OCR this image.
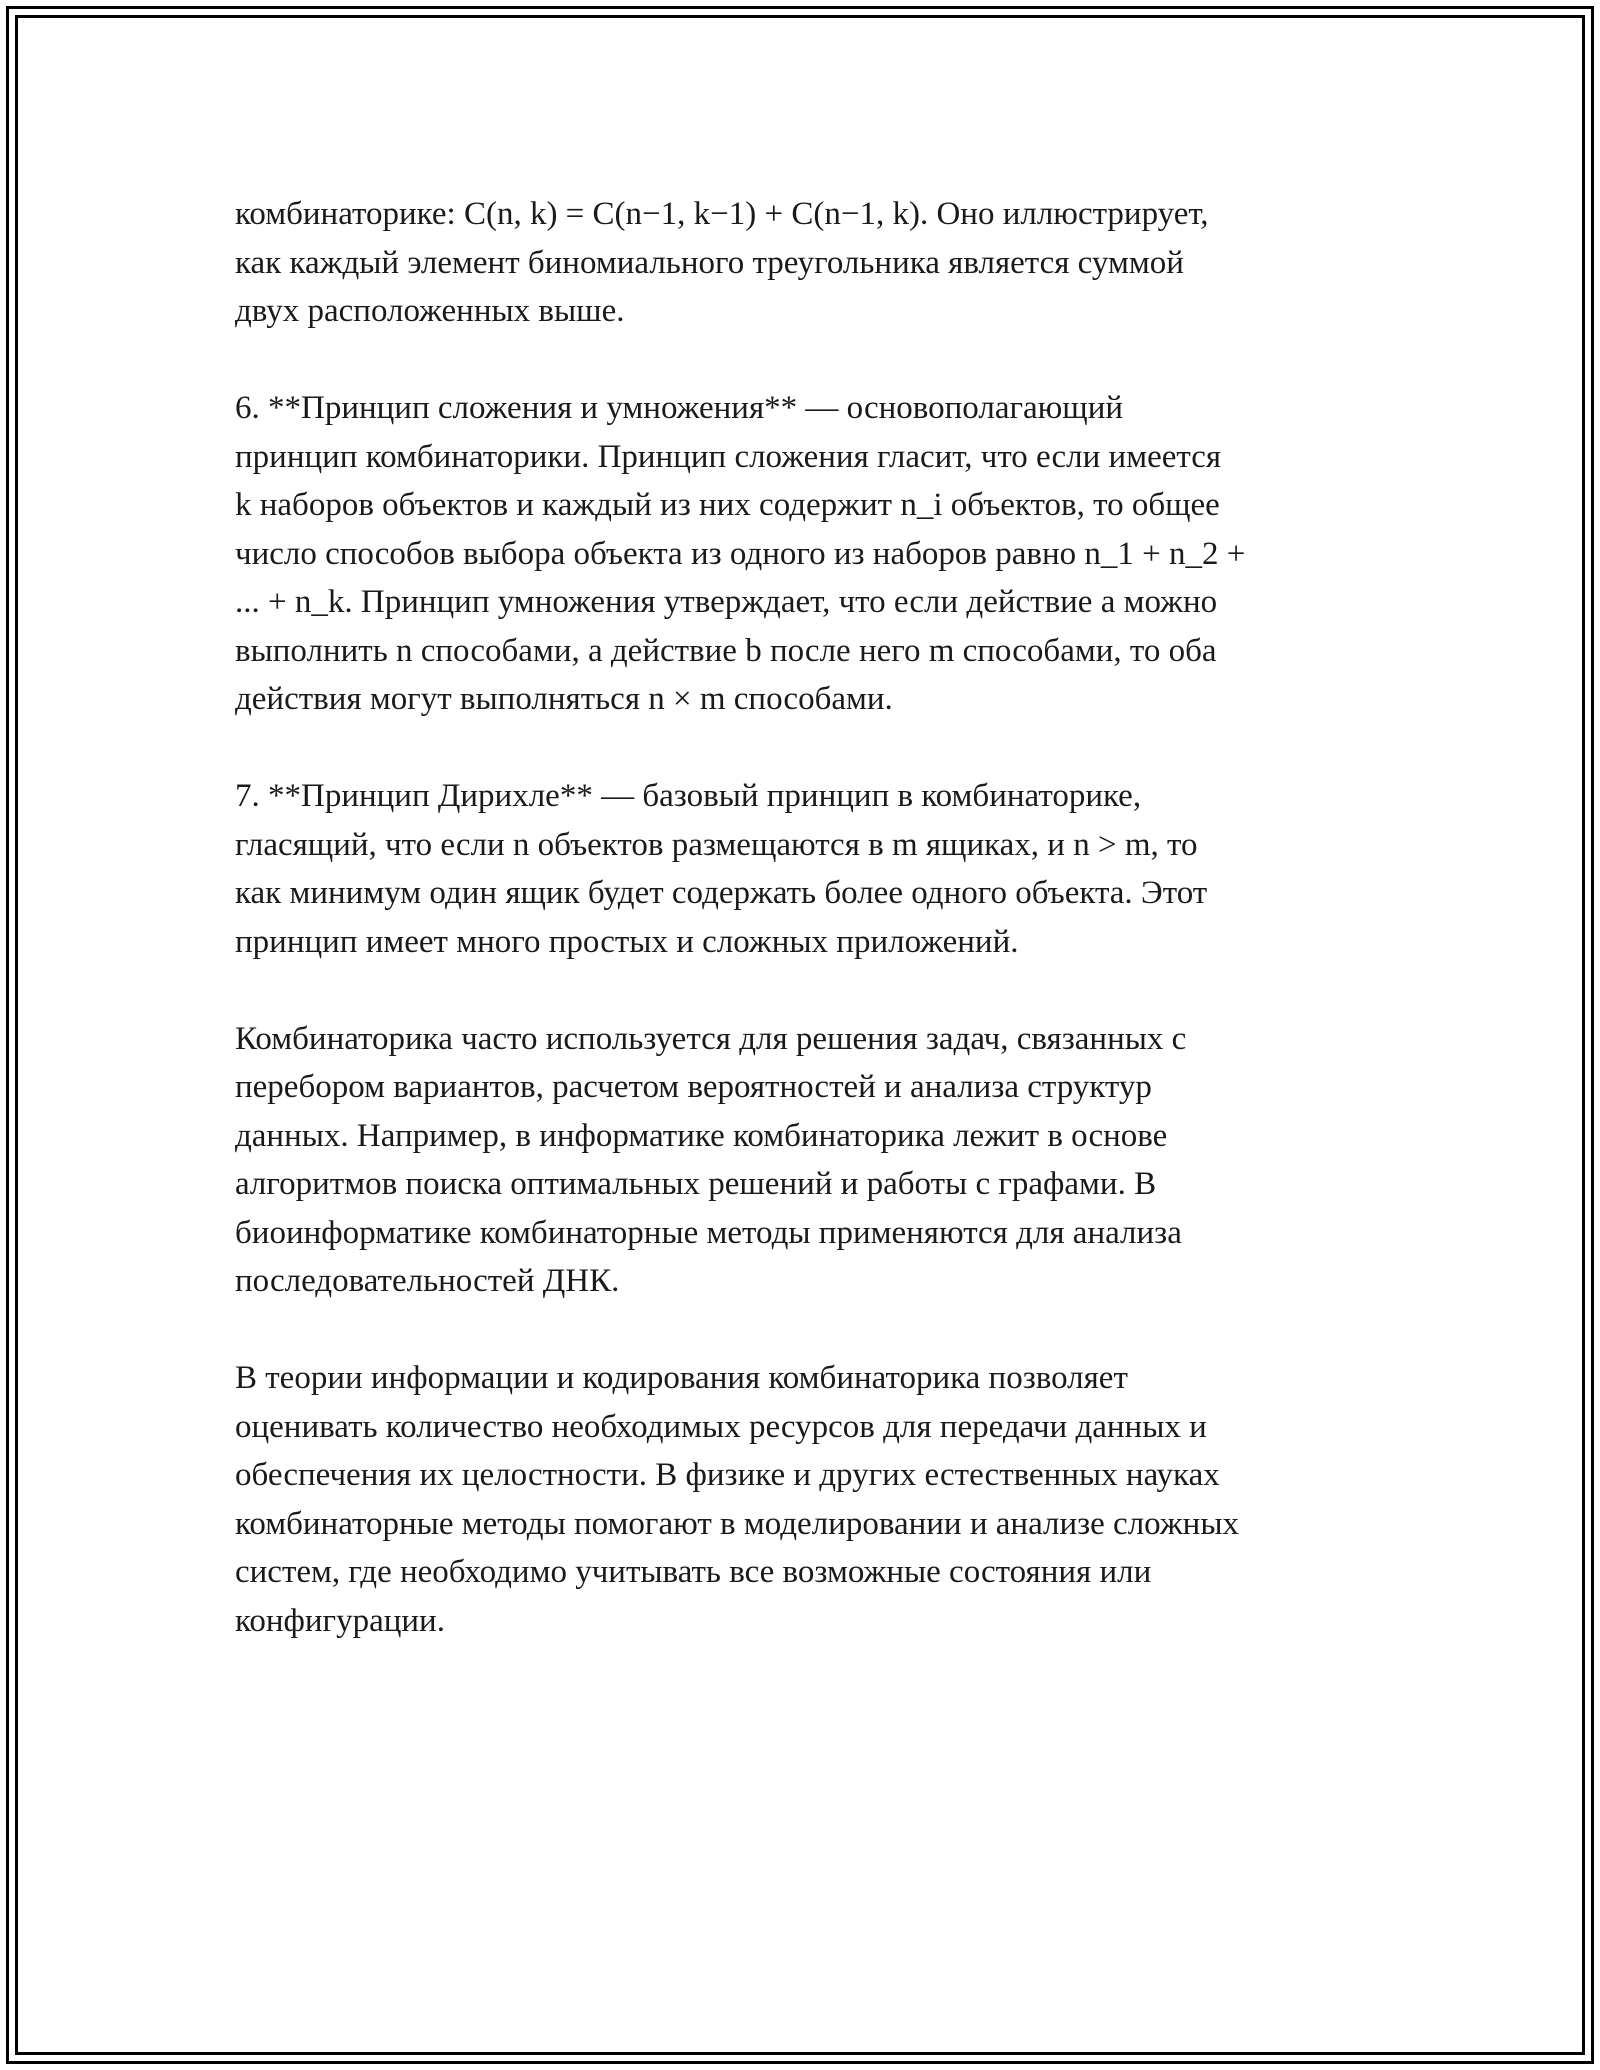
комбинаторике: C(n, k) = C(n−1, k−1) + C(n−1, k). Оно иллюстрирует,
как каждый элемент биномиального треугольника является суммой
двух расположенных выше.

6. **Принцип сложения и умножения** — основополагающий
принцип комбинаторики. Принцип сложения гласит, что если имеется
k наборов объектов и каждый из них содержит n_i объектов, то общее
число способов выбора объекта из одного из наборов равно n_1 + n_2 +
... + n_k. Принцип умножения утверждает, что если действие a можно
выполнить n способами, а действие b после него m способами, то оба
действия могут выполняться n × m способами.

7. **Принцип Дирихле** — базовый принцип в комбинаторике,
гласящий, что если n объектов размещаются в m ящиках, и n > m, то
как минимум один ящик будет содержать более одного объекта. Этот
принцип имеет много простых и сложных приложений.

Комбинаторика часто используется для решения задач, связанных с
перебором вариантов, расчетом вероятностей и анализа структур
данных. Например, в информатике комбинаторика лежит в основе
алгоритмов поиска оптимальных решений и работы с графами. В
биоинформатике комбинаторные методы применяются для анализа
последовательностей ДНК.

В теории информации и кодирования комбинаторика позволяет
оценивать количество необходимых ресурсов для передачи данных и
обеспечения их целостности. В физике и других естественных науках
комбинаторные методы помогают в моделировании и анализе сложных
систем, где необходимо учитывать все возможные состояния или
конфигурации.
